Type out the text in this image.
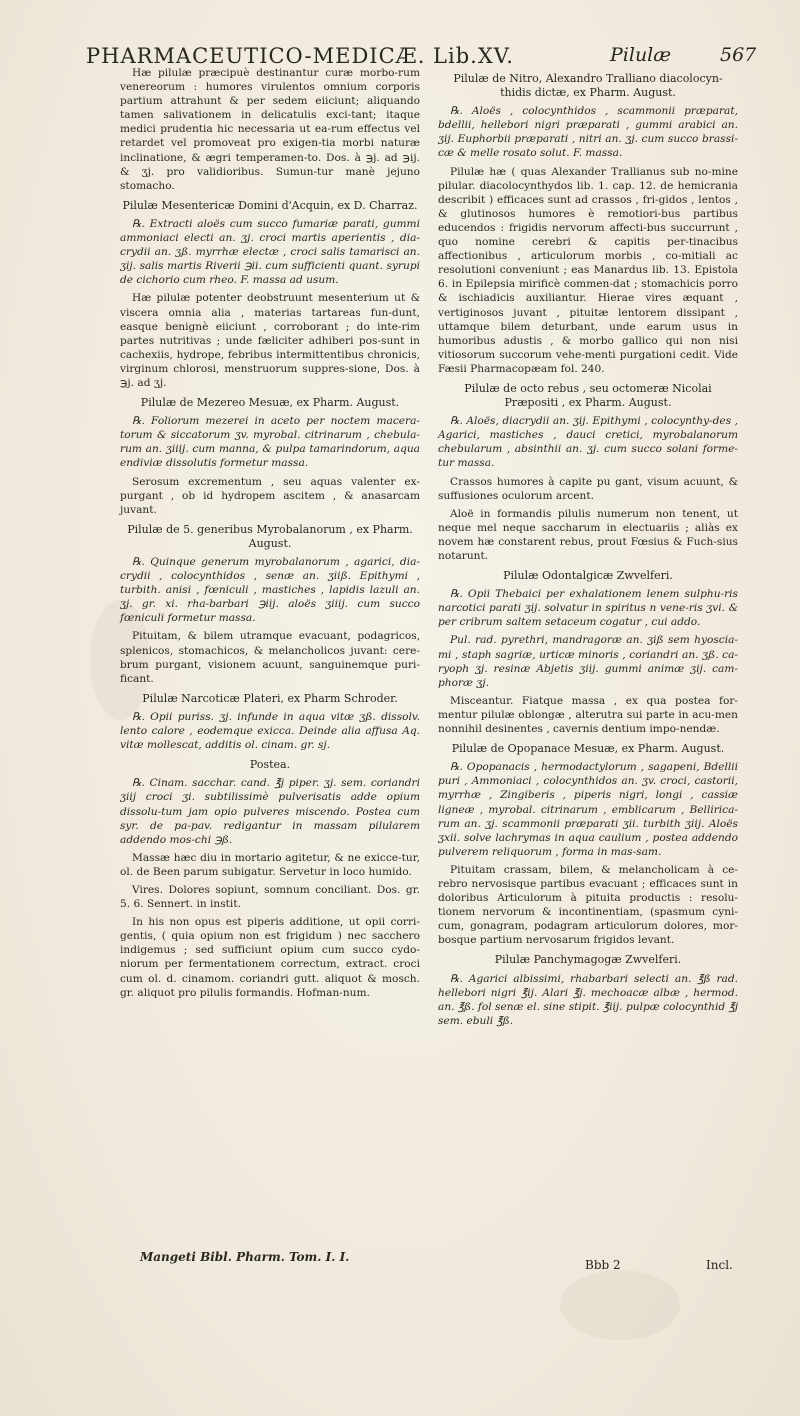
PHARMACEUTICO-MEDICÆ. Lib.XV.	Pilulæ	567

Hæ pilulæ præcipuè destinantur curæ morbo-rum venereorum : humores virulentos omnium corporis partium attrahunt & per sedem eiiciunt; aliquando tamen salivationem in delicatulis exci-tant; itaque medici prudentia hic necessaria ut ea-rum effectus vel retardet vel promoveat pro exigen-tia morbi naturæ inclinatione, & ægri temperamen-to. Dos. à ℈j. ad ℈ij. & ʒj. pro validioribus. Sumun-tur manè jejuno stomacho.

Pilulæ Mesentericæ Domini d'Acquin, ex D. Charraz.

℞. Extracti aloës cum succo fumariæ parati, gummi ammoniaci electi an. ʒj. croci martis aperientis , dia-crydii an. ʒß. myrrhæ electæ , croci salis tamarisci an. ʒij. salis martis Riverii ℈ii. cum sufficienti quant. syrupi de cichorio cum rheo. F. massa ad usum.

Hæ pilulæ potenter deobstruunt mesenterium ut & viscera omnia alia , materias tartareas fun-dunt, easque benignè eiiciunt , corroborant ; do inte-rim partes nutritivas ; unde fæliciter adhiberi pos-sunt in cachexiis, hydrope, febribus intermittentibus chronicis, virginum chlorosi, menstruorum suppres-sione, Dos. à ℈j. ad ʒj.

Pilulæ de Mezereo Mesuæ, ex Pharm. August.

℞. Foliorum mezerei in aceto per noctem macera-torum & siccatorum ʒv. myrobal. citrinarum , chebula-rum an. ʒiiij. cum manna, & pulpa tamarindorum, aqua endiviæ dissolutis formetur massa.

Serosum excrementum , seu aquas valenter ex-purgant , ob id hydropem ascitem , & anasarcam juvant.

Pilulæ de 5. generibus Myrobalanorum , ex Pharm. August.

℞. Quinque generum myrobalanorum , agarici, dia-crydii , colocynthidos , senæ an. ʒiiß. Epithymi , turbith. anisi , fœniculi , mastiches , lapidis lazuli an. ʒj. gr. xi. rha-barbari ℈iij. aloës ʒiiij. cum succo fœniculi formetur massa.

Pituitam, & bilem utramque evacuant, podagricos, splenicos, stomachicos, & melancholicos juvant: cere-brum purgant, visionem acuunt, sanguinemque puri-ficant.

Pilulæ Narcoticæ Plateri, ex Pharm Schroder.

℞. Opii puriss. ʒj. infunde in aqua vitæ ʒß. dissolv. lento calore , eodemque exicca. Deinde alia affusa Aq. vitæ mollescat, additis ol. cinam. gr. sj.

Postea.

℞. Cinam. sacchar. cand. ℥j piper. ʒj. sem. coriandri ʒiij croci ʒi. subtilissimè pulverisatis adde opium dissolu-tum jam opio pulveres miscendo. Postea cum syr. de pa-pav. redigantur in massam pilularem addendo mos-chi ℈ß.

Massæ hæc diu in mortario agitetur, & ne exicce-tur, ol. de Been parum subigatur. Servetur in loco humido.

Vires. Dolores sopiunt, somnum conciliant. Dos. gr. 5. 6. Sennert. in instit.

In his non opus est piperis additione, ut opii corri-gentis, ( quia opium non est frigidum ) nec sacchero indigemus ; sed sufficiunt opium cum succo cydo-niorum per fermentationem correctum, extract. croci cum ol. d. cinamom. coriandri gutt. aliquot & mosch. gr. aliquot pro pilulis formandis. Hofman-num.

Pilulæ de Nitro, Alexandro Tralliano diacolocyn-thidis dictæ, ex Pharm. August.

℞. Aloës , colocynthidos , scammonii præparat, bdellii, hellebori nigri præparati , gummi arabici an. ʒij. Euphorbii præparati , nitri an. ʒj. cum succo brassi-cæ & melle rosato solut. F. massa.

Pilulæ hæ ( quas Alexander Trallianus sub no-mine pilular. diacolocynthydos lib. 1. cap. 12. de hemicrania describit ) efficaces sunt ad crassos , fri-gidos , lentos , & glutinosos humores è remotiori-bus partibus educendos : frigidis nervorum affecti-bus succurrunt , quo nomine cerebri & capitis per-tinacibus affectionibus , articulorum morbis , co-mitiali ac resolutioni conveniunt ; eas Manardus lib. 13. Epistola 6. in Epilepsia mirificè commen-dat ; stomachicis porro & ischiadicis auxiliantur. Hierae vires æquant , vertiginosos juvant , pituitæ lentorem dissipant , uttamque bilem deturbant, unde earum usus in humoribus adustis , & morbo gallico qui non nisi vitiosorum succorum vehe-menti purgationi cedit. Vide Fæsii Pharmacopæam fol. 240.

Pilulæ de octo rebus , seu octomeræ Nicolai Præpositi , ex Pharm. August.

℞. Aloës, diacrydii an. ʒij. Epithymi , colocynthy-des , Agarici, mastiches , dauci cretici, myrobalanorum chebularum , absinthii an. ʒj. cum succo solani forme-tur massa.

Crassos humores à capite pu gant, visum acuunt, & suffusiones oculorum arcent.

Aloë in formandis pilulis numerum non tenent, ut neque mel neque saccharum in electuariis ; aliàs ex novem hæ constarent rebus, prout Fœsius & Fuch-sius notarunt.

Pilulæ Odontalgicæ Zwvelferi.

℞. Opii Thebaici per exhalationem lenem sulphu-ris narcotici parati ʒij. solvatur in spiritus n vene-ris ʒvi. & per cribrum saltem setaceum cogatur , cui addo.

Pul. rad. pyrethri, mandragoræ an. ʒiß sem hyoscia-mi , staph sagriæ, urticæ minoris , coriandri an. ʒß. ca-ryoph ʒj. resinæ Abjetis ʒiij. gummi animæ ʒij. cam-phoræ ʒj.

Misceantur. Fiatque massa , ex qua postea for-mentur pilulæ oblongæ , alterutra sui parte in acu-men nonnihil desinentes , cavernis dentium impo-nendæ.

Pilulæ de Opopanace Mesuæ, ex Pharm. August.

℞. Opopanacis , hermodactylorum , sagapeni, Bdellii puri , Ammoniaci , colocynthidos an. ʒv. croci, castorii, myrrhæ , Zingiberis , piperis nigri, longi , cassiæ ligneæ , myrobal. citrinarum , emblicarum , Bellirica-rum an. ʒj. scammonii præparati ʒii. turbith ʒiij. Aloës ʒxii. solve lachrymas in aqua caulium , postea addendo pulverem reliquorum , forma in mas-sam.

Pituitam crassam, bilem, & melancholicam à ce-rebro nervosisque partibus evacuant ; efficaces sunt in doloribus Articulorum à pituita productis : resolu-tionem nervorum & incontinentiam, (spasmum cyni-cum, gonagram, podagram articulorum dolores, mor-bosque partium nervosarum frigidos levant.

Pilulæ Panchymagogæ Zwvelferi.

℞. Agarici albissimi, rhabarbari selecti an. ℥ß rad. hellebori nigri ℥ij. Alari ℥j. mechoacæ albæ , hermod. an. ℥ß. fol senæ el. sine stipit. ℥iij. pulpæ colocynthid ℥j sem. ebuli ℥ß.

Mangeti Bibl. Pharm. Tom. I. I.
Bbb 2	Incl.
